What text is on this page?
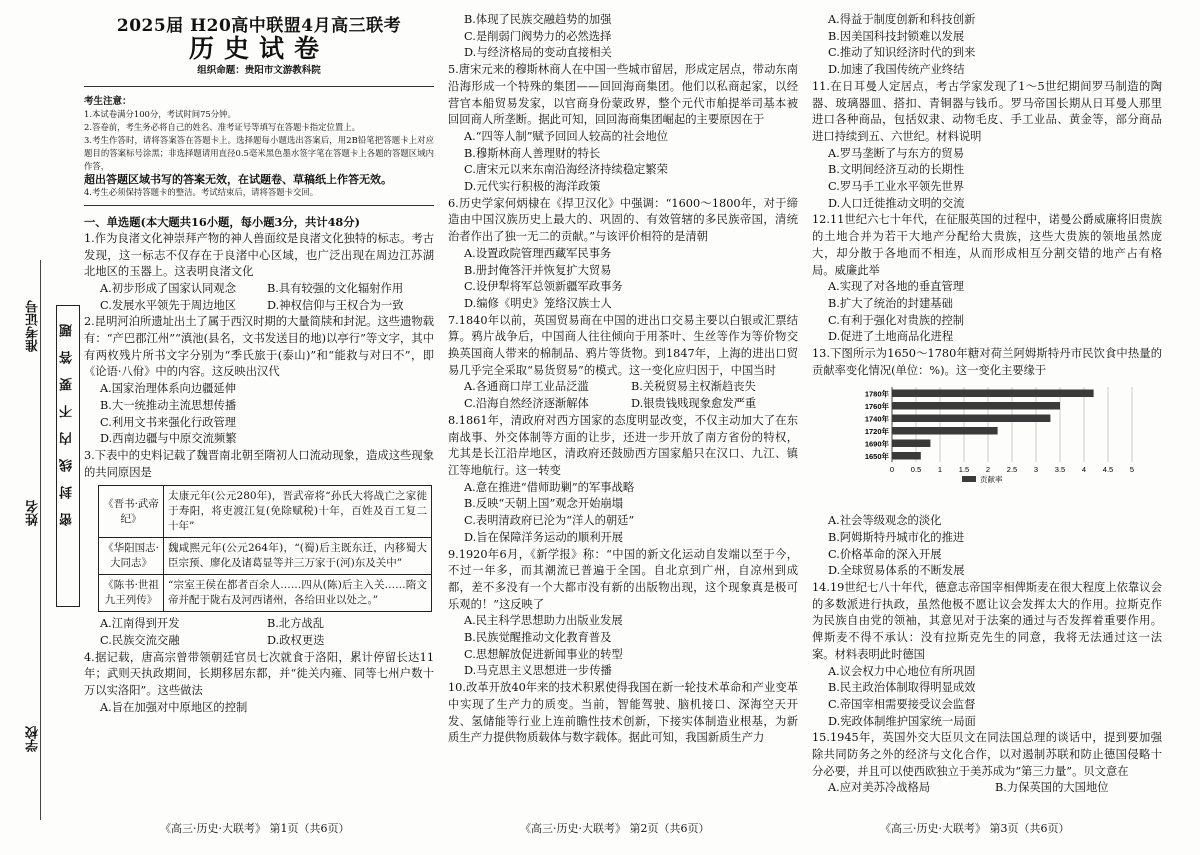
准考证号
姓名
学校
密封线内不要答题
2025届 H20高中联盟4月高三联考
历史试卷
组织命题：贵阳市文游教科院
考生注意：
1.本试卷满分100分，考试时间75分钟。
2.答卷前，考生务必将自己的姓名、准考证号等填写在答题卡指定位置上。
3.考生作答时，请将答案答在答题卡上。选择题每小题选出答案后，用2B铅笔把答题卡上对应题目的答案标号涂黑；非选择题请用直径0.5毫米黑色墨水签字笔在答题卡上各题的答题区域内作答，
超出答题区域书写的答案无效，在试题卷、草稿纸上作答无效。
4.考生必须保持答题卡的整洁。考试结束后，请将答题卡交回。

一、单选题(本大题共16小题，每小题3分，共计48分)

1.作为良渚文化神崇拜产物的神人兽面纹是良渚文化独特的标志。考古发现，这一标志不仅存在于良渚中心区域，也广泛出现在周边江苏湖北地区的玉器上。这表明良渚文化

A.初步形成了国家认同观念	B.具有较强的文化辐射作用

C.发展水平领先于周边地区	D.神权信仰与王权合为一致

2.昆明河泊所遗址出土了属于西汉时期的大量简牍和封泥。这些遗物载有：“产巴郡江州”“滇池(县名，文书发送目的地)以亭行”等文字，其中有两枚残片所书文字分别为“季氏旅于(泰山)”和“能救与对曰不”，即《论语·八佾》中的内容。这反映出汉代

A.国家治理体系向边疆延伸

B.大一统推动主流思想传播

C.利用文书来强化行政管理

D.西南边疆与中原交流频繁

3.下表中的史料记载了魏晋南北朝至隋初人口流动现象，造成这些现象的共同原因是

《晋书·武帝纪》	太康元年(公元280年)，晋武帝将“孙氏大将战亡之家徙于寿阳，将吏渡江复(免除赋税)十年，百姓及百工复二十年”
《华阳国志·大同志》	魏咸熙元年(公元264年)，“(蜀)后主既东迁，内移蜀大臣宗预、廖化及诸葛显等并三万家于(河)东及关中”
《陈书·世祖九王列传》	“宗室王侯在都者百余人……四从(陈)后主入关……隋文帝并配于陇右及河西诸州，各给田业以处之。”

A.江南得到开发	B.北方战乱

C.民族交流交融	D.政权更迭

4.据记载，唐高宗曾带领朝廷官员七次就食于洛阳，累计停留长达11年；武则天执政期间，长期移居东都，并“徙关内雍、同等七州户数十万以实洛阳”。这些做法

A.旨在加强对中原地区的控制

B.体现了民族交融趋势的加强

C.是削弱门阀势力的必然选择

D.与经济格局的变动直接相关

5.唐宋元来的穆斯林商人在中国一些城市留居，形成定居点，带动东南沿海形成一个特殊的集团——回回海商集团。他们以私商起家，以经营官本船贸易发家，以官商身份蒙政界，整个元代市舶提举司基本被回回商人所垄断。据此可知，回回海商集团崛起的主要原因在于

A.“四等人制”赋予回回人较高的社会地位

B.穆斯林商人善理财的特长

C.唐宋元以来东南沿海经济持续稳定繁荣

D.元代实行积极的海洋政策

6.历史学家何炳棣在《捍卫汉化》中强调：“1600～1800年，对于缔造由中国汉族历史上最大的、巩固的、有效管辖的多民族帝国，清统治者作出了独一无二的贡献。”与该评价相符的是清朝

A.设置政院管理西藏军民事务

B.册封俺答汗并恢复扩大贸易

C.设伊犁将军总领新疆军政事务

D.编修《明史》笼络汉族士人

7.1840年以前，英国贸易商在中国的进出口交易主要以白银或汇票结算。鸦片战争后，中国商人往往倾向于用茶叶、生丝等作为等价物交换英国商人带来的棉制品、鸦片等货物。到1847年，上海的进出口贸易几乎完全采取“易货贸易”的模式。这一变化应归因于，中国当时

A.各通商口岸工业品泛滥	B.关税贸易主权渐趋丧失

C.沿海自然经济逐渐解体	D.银贵钱贱现象愈发严重

8.1861年，清政府对西方国家的态度明显改变，不仅主动加大了在东南战事、外交体制等方面的让步，还进一步开放了南方省份的特权，尤其是长江沿岸地区，清政府还鼓励西方国家船只在汉口、九江、镇江等地航行。这一转变

A.意在推进“借师助剿”的军事战略

B.反映“天朝上国”观念开始崩塌

C.表明清政府已沦为“洋人的朝廷”

D.旨在保障洋务运动的顺利开展

9.1920年6月，《新学报》称：“中国的新文化运动自发端以至于今，不过一年多，而其潮流已普遍于全国。自北京到广州，自凉州到成都，差不多没有一个大都市没有新的出版物出现，这个现象真是极可乐观的！”这反映了

A.民主科学思想助力出版业发展

B.民族觉醒推动文化教育普及

C.思想解放促进新闻事业的转型

D.马克思主义思想进一步传播

10.改革开放40年来的技术积累使得我国在新一轮技术革命和产业变革中实现了生产力的质变。当前，智能驾驶、脑机接口、深海空天开发、氢储能等行业上连前瞻性技术创新，下接实体制造业根基，为新质生产力提供物质载体与数字载体。据此可知，我国新质生产力

A.得益于制度创新和科技创新

B.因美国科技封锁难以发展

C.推动了知识经济时代的到来

D.加速了我国传统产业终结

11.在日耳曼人定居点，考古学家发现了1～5世纪期间罗马制造的陶器、玻璃器皿、搭扣、青铜器与钱币。罗马帝国长期从日耳曼人那里进口各种商品，包括奴隶、动物毛皮、手工业品、黄金等，部分商品进口持续到五、六世纪。材料说明

A.罗马垄断了与东方的贸易

B.文明间经济互动的长期性

C.罗马手工业水平领先世界

D.人口迁徙推动文明的交流

12.11世纪六七十年代，在征服英国的过程中，诺曼公爵威廉将旧贵族的土地合并为若干大地产分配给大贵族，这些大贵族的领地虽然庞大，却分散于各地而不相连，从而形成相互分割交错的地产占有格局。威廉此举

A.实现了对各地的垂直管理

B.扩大了统治的封建基础

C.有利于强化对贵族的控制

D.促进了土地商品化进程

13.下图所示为1650～1780年糖对荷兰阿姆斯特丹市民饮食中热量的贡献率变化情况(单位：%)。这一变化主要缘于

0 0.5 1 1.5 2 2.5 3 3.5 4 4.5 5
1780年
1760年
1740年
1720年
1690年
1650年
贡献率

A.社会等级观念的淡化

B.阿姆斯特丹城市化的推进

C.价格革命的深入开展

D.全球贸易体系的不断发展

14.19世纪七八十年代，德意志帝国宰相俾斯麦在很大程度上依靠议会的多数派进行执政，虽然他极不愿让议会发挥太大的作用。拉斯克作为民族自由党的领袖，其意见对于法案的通过与否发挥着重要作用。俾斯麦不得不承认：没有拉斯克先生的同意，我将无法通过这一法案。材料表明此时德国

A.议会权力中心地位有所巩固

B.民主政治体制取得明显成效

C.帝国宰相需要接受议会监督

D.宪政体制维护国家统一局面

15.1945年，英国外交大臣贝文在同法国总理的谈话中，提到要加强除共同防务之外的经济与文化合作，以对遏制苏联和防止德国侵略十分必要，并且可以使西欧独立于美苏成为“第三力量”。贝文意在

A.应对美苏冷战格局	B.力保英国的大国地位

《高三·历史·大联考》 第1页（共6页）	《高三·历史·大联考》 第2页（共6页）	《高三·历史·大联考》 第3页（共6页）
